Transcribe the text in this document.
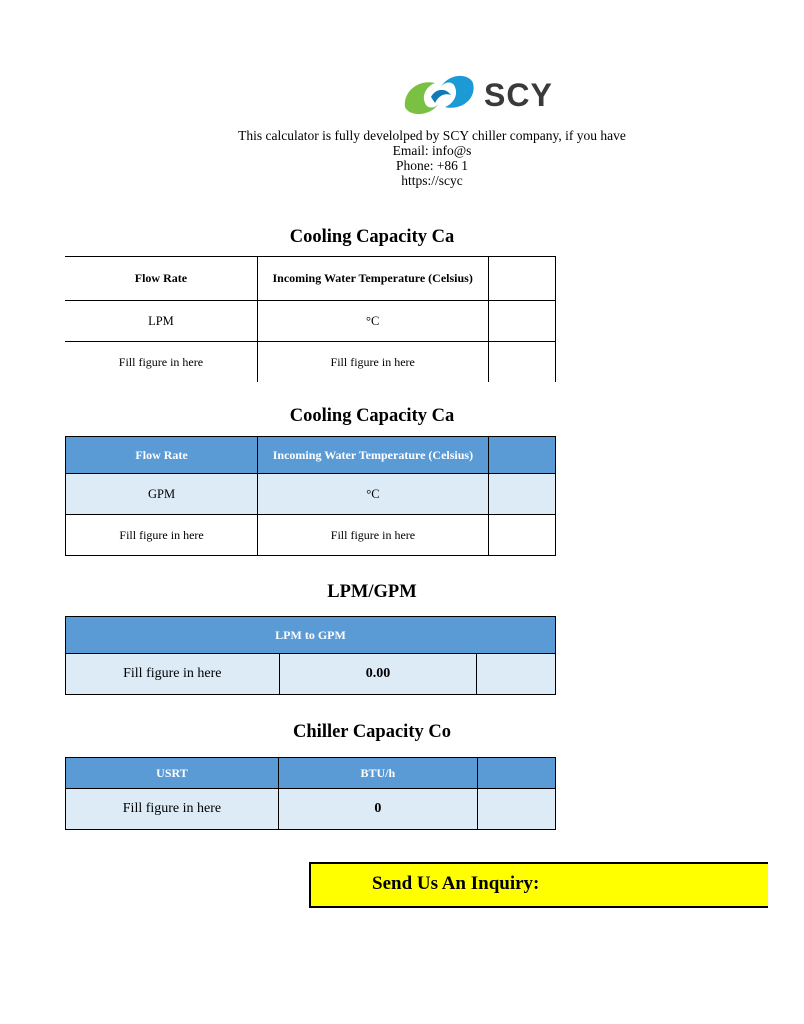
SCY
This calculator is fully develolped by SCY chiller company, if you have
Email: info@s
Phone: +86 1
https://scyc
Cooling Capacity Ca
Flow Rate	Incoming Water Temperature (Celsius)	
LPM	°C	
Fill figure in here	Fill figure in here	
Cooling Capacity Ca
Flow Rate	Incoming Water Temperature (Celsius)	
GPM	°C	
Fill figure in here	Fill figure in here	
LPM/GPM
LPM to GPM
Fill figure in here	0.00	
Chiller Capacity Co
USRT	BTU/h	
Fill figure in here	0	
Send Us An Inquiry:
